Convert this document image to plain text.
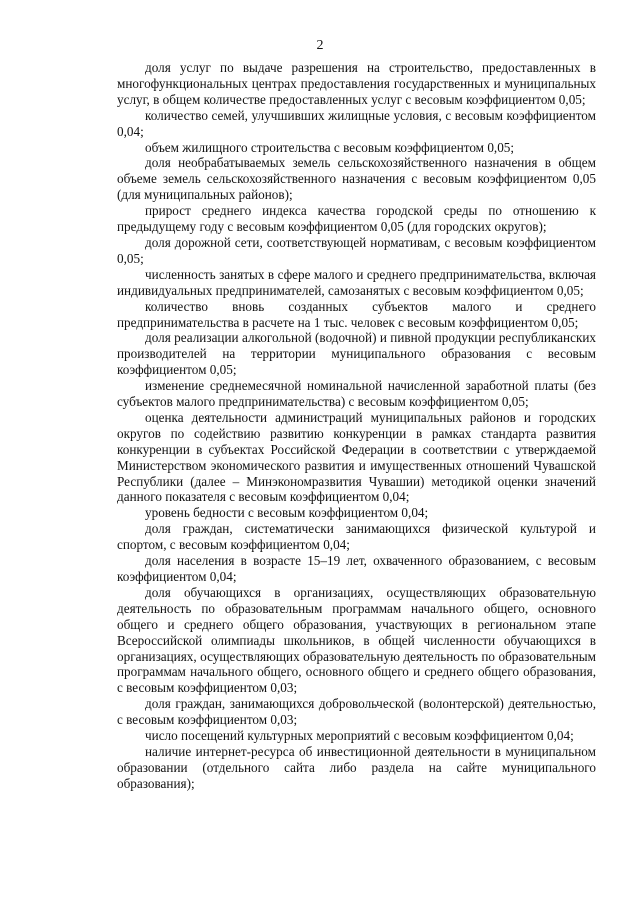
2

доля услуг по выдаче разрешения на строительство, предоставленных в многофункциональных центрах предоставления государственных и муниципальных услуг, в общем количестве предоставленных услуг с весовым коэффициентом 0,05;

количество семей, улучшивших жилищные условия, с весовым коэффициентом 0,04;

объем жилищного строительства с весовым коэффициентом 0,05;

доля необрабатываемых земель сельскохозяйственного назначения в общем объеме земель сельскохозяйственного назначения с весовым коэффициентом 0,05 (для муниципальных районов);

прирост среднего индекса качества городской среды по отношению к предыдущему году с весовым коэффициентом 0,05 (для городских округов);

доля дорожной сети, соответствующей нормативам, с весовым коэффициентом 0,05;

численность занятых в сфере малого и среднего предпринимательства, включая индивидуальных предпринимателей, самозанятых с весовым коэффициентом 0,05;

количество вновь созданных субъектов малого и среднего предпринимательства в расчете на 1 тыс. человек с весовым коэффициентом 0,05;

доля реализации алкогольной (водочной) и пивной продукции республиканских производителей на территории муниципального образования с весовым коэффициентом 0,05;

изменение среднемесячной номинальной начисленной заработной платы (без субъектов малого предпринимательства) с весовым коэффициентом 0,05;

оценка деятельности администраций муниципальных районов и городских округов по содействию развитию конкуренции в рамках стандарта развития конкуренции в субъектах Российской Федерации в соответствии с утверждаемой Министерством экономического развития и имущественных отношений Чувашской Республики (далее – Минэкономразвития Чувашии) методикой оценки значений данного показателя с весовым коэффициентом 0,04;

уровень бедности с весовым коэффициентом 0,04;

доля граждан, систематически занимающихся физической культурой и спортом, с весовым коэффициентом 0,04;

доля населения в возрасте 15–19 лет, охваченного образованием, с весовым коэффициентом 0,04;

доля обучающихся в организациях, осуществляющих образовательную деятельность по образовательным программам начального общего, основного общего и среднего общего образования, участвующих в региональном этапе Всероссийской олимпиады школьников, в общей численности обучающихся в организациях, осуществляющих образовательную деятельность по образовательным программам начального общего, основного общего и среднего общего образования, с весовым коэффициентом 0,03;

доля граждан, занимающихся добровольческой (волонтерской) деятельностью, с весовым коэффициентом 0,03;

число посещений культурных мероприятий с весовым коэффициентом 0,04;

наличие интернет-ресурса об инвестиционной деятельности в муниципальном образовании (отдельного сайта либо раздела на сайте муниципального образования);
